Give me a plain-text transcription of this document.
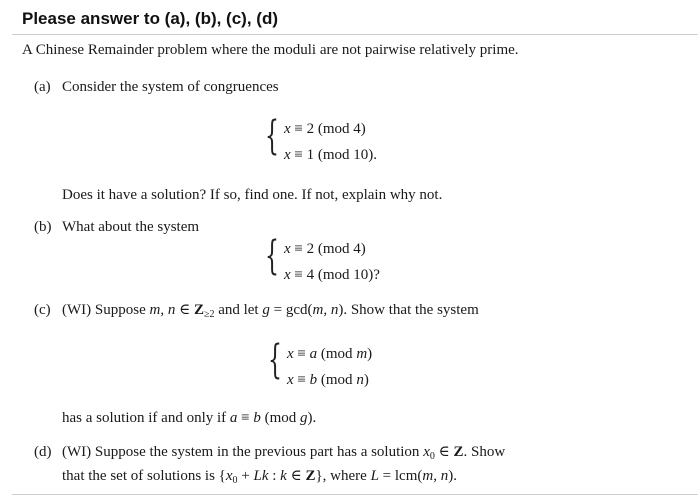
Please answer to (a), (b), (c), (d)
A Chinese Remainder problem where the moduli are not pairwise relatively prime.
(a) Consider the system of congruences
{ x ≡ 2 (mod 4)
x ≡ 1 (mod 10).
Does it have a solution? If so, find one. If not, explain why not.
(b) What about the system
{ x ≡ 2 (mod 4)
x ≡ 4 (mod 10)?
(c) (WI) Suppose m, n ∈ $Z_{\ge 2}$ and let g = gcd(m, n). Show that the system
{ x ≡ a (mod m)
x ≡ b (mod n)
has a solution if and only if a ≡ b (mod g).
(d) (WI) Suppose the system in the previous part has a solution $x_0$ ∈ Z. Show
that the set of solutions is {$x_0 + Lk$ : k ∈ Z}, where L = lcm(m, n).
